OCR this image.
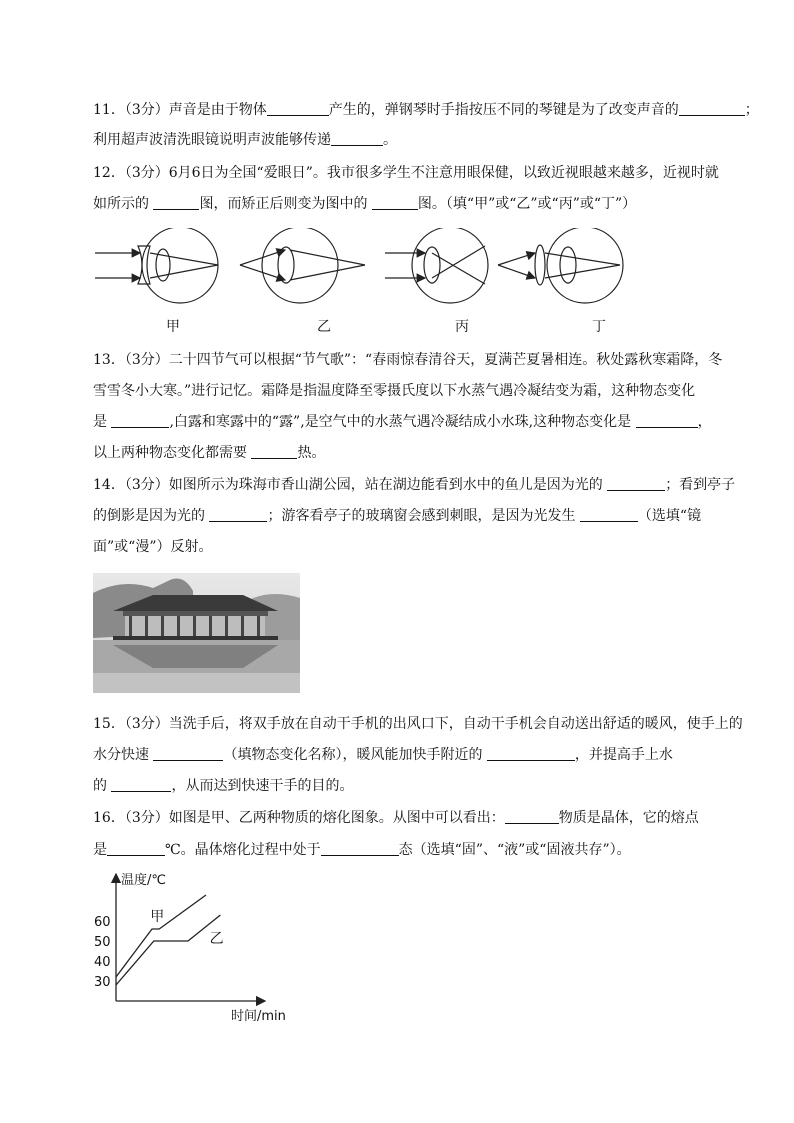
11．（3分）声音是由于物体	产生的，弹钢琴时手指按压不同的琴键是为了改变声音的	；
利用超声波清洗眼镜说明声波能够传递	。
12．（3分）6月6日为全国“爱眼日”。我市很多学生不注意用眼保健，以致近视眼越来越多，近视时就
如所示的	图，而矫正后则变为图中的	图。（填“甲”或“乙”或“丙”或“丁”）
甲	乙	丙	丁
13．（3分）二十四节气可以根据“节气歌”：“春雨惊春清谷天，夏满芒夏暑相连。秋处露秋寒霜降，冬
雪雪冬小大寒。”进行记忆。霜降是指温度降至零摄氏度以下水蒸气遇冷凝结变为霜，这种物态变化
是	,白露和寒露中的“露”,是空气中的水蒸气遇冷凝结成小水珠,这种物态变化是	，
以上两种物态变化都需要	热。
14．（3分）如图所示为珠海市香山湖公园，站在湖边能看到水中的鱼儿是因为光的	；看到亭子
的倒影是因为光的	；游客看亭子的玻璃窗会感到刺眼，是因为光发生	（选填“镜
面”或“漫”）反射。
15．（3分）当洗手后，将双手放在自动干手机的出风口下，自动干手机会自动送出舒适的暖风，使手上的
水分快速	（填物态变化名称），暖风能加快手附近的	，并提高手上水
的	，从而达到快速干手的目的。
16．（3分）如图是甲、乙两种物质的熔化图象。从图中可以看出：	物质是晶体，它的熔点
是	℃。晶体熔化过程中处于	态（选填“固”、“液”或“固液共存”）。
温度/℃
时间/min
30
40
50
60	甲
乙
